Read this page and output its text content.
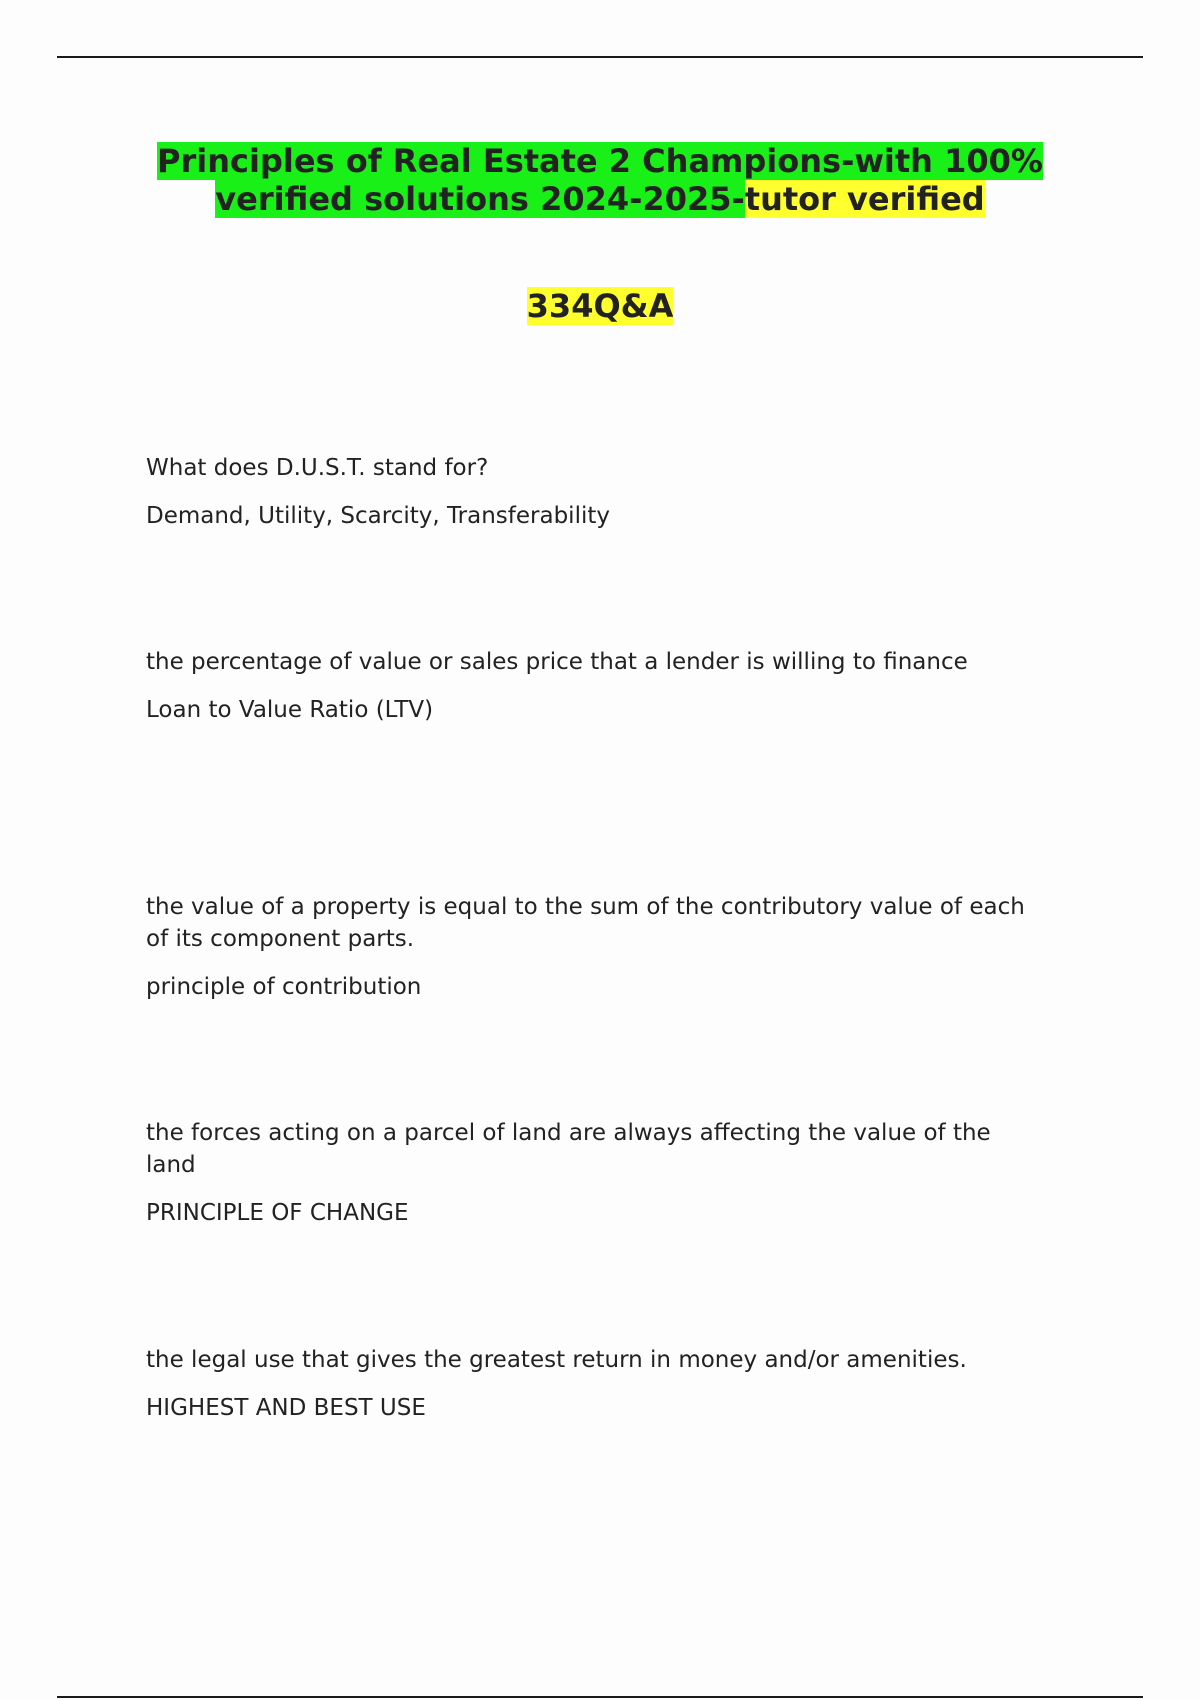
Principles of Real Estate 2 Champions-with 100% verified solutions 2024-2025-tutor verified
334Q&A
What does D.U.S.T. stand for?
Demand, Utility, Scarcity, Transferability
the percentage of value or sales price that a lender is willing to finance
Loan to Value Ratio (LTV)
the value of a property is equal to the sum of the contributory value of each of its component parts.
principle of contribution
the forces acting on a parcel of land are always affecting the value of the land
PRINCIPLE OF CHANGE
the legal use that gives the greatest return in money and/or amenities.
HIGHEST AND BEST USE
